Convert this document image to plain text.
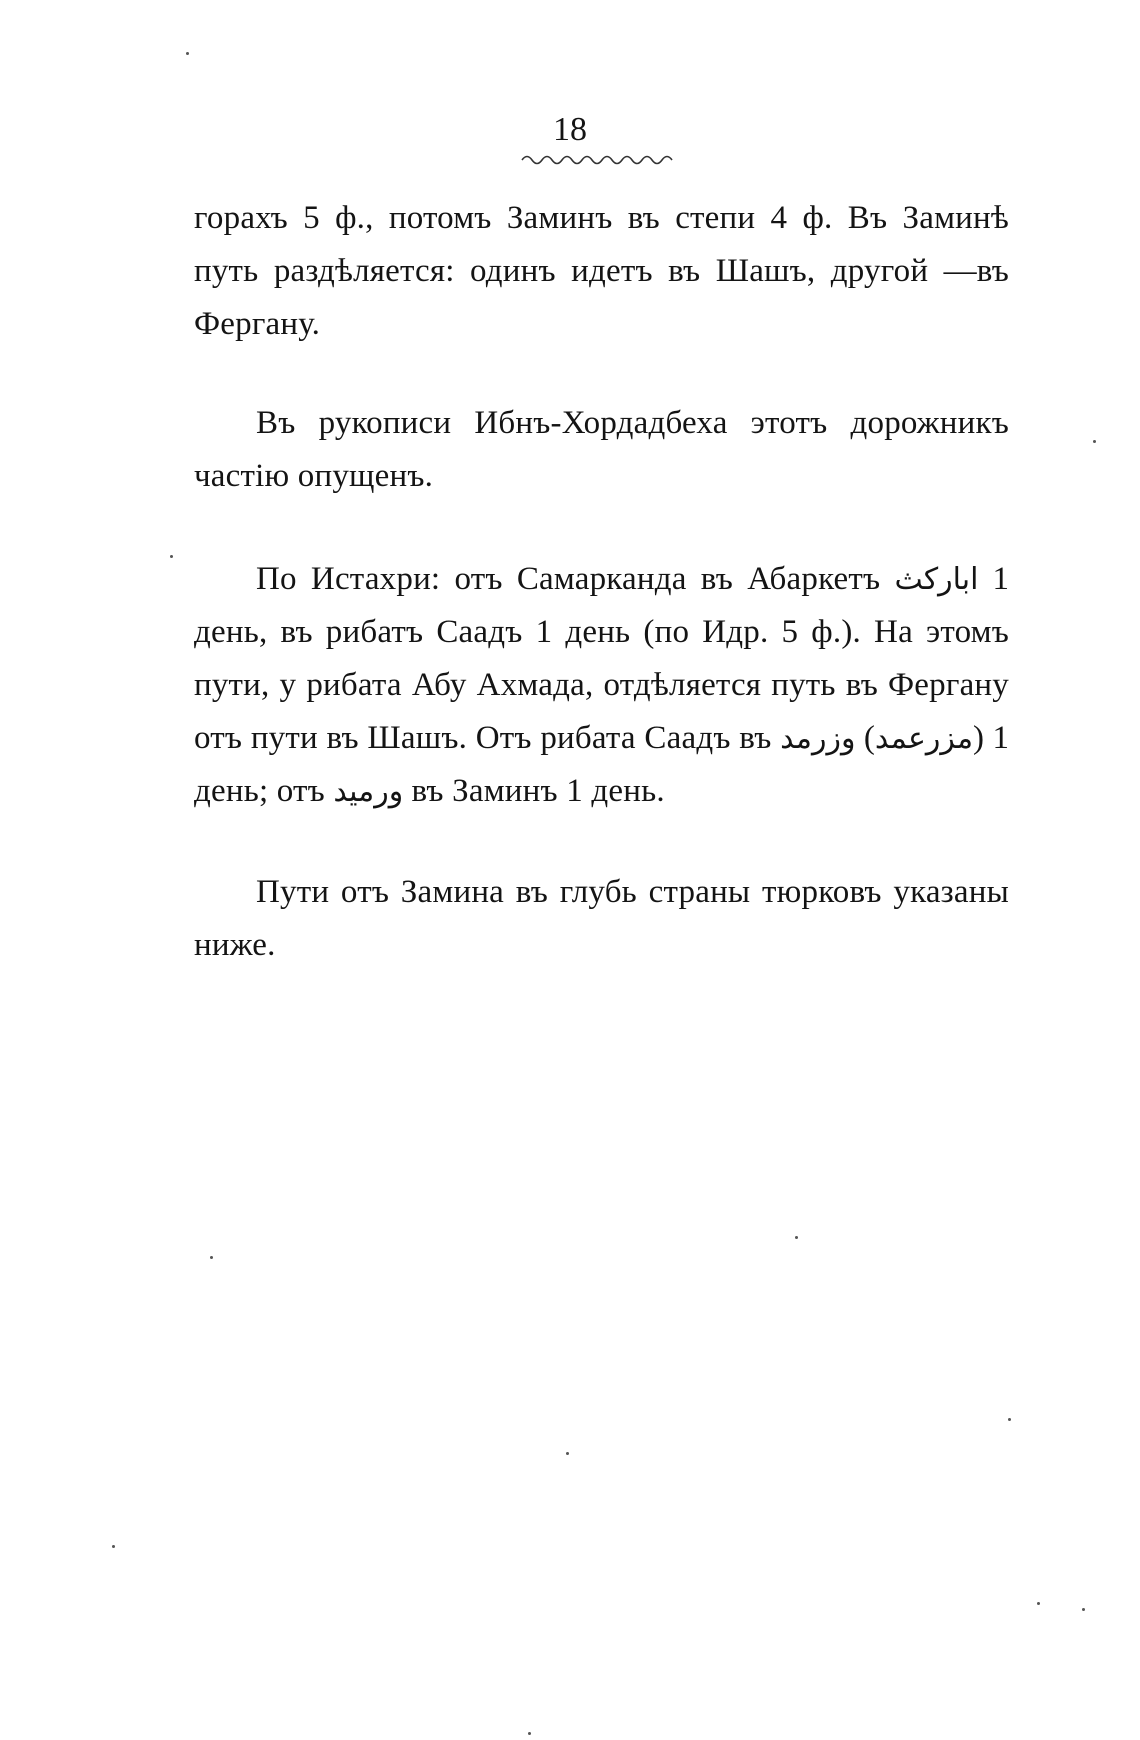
18

горахъ 5 ф., потомъ Заминъ въ степи 4 ф. Въ Заминѣ путь раздѣляется: одинъ идетъ въ Шашъ, другой —въ Фергану.

Въ рукописи Ибнъ-Хордадбеха этотъ дорожникъ частію опущенъ.

По Истахри: отъ Самарканда въ Абаркетъ ابارکث 1 день, въ рибатъ Саадъ 1 день (по Идр. 5 ф.). На этомъ пути, у рибата Абу Ахмада, отдѣляется путь въ Фергану отъ пути въ Шашъ. Отъ рибата Саадъ въ وزرمد (مزرعمد) 1 день; отъ ورمید въ Заминъ 1 день.

Пути отъ Замина въ глубь страны тюрковъ указаны ниже.
